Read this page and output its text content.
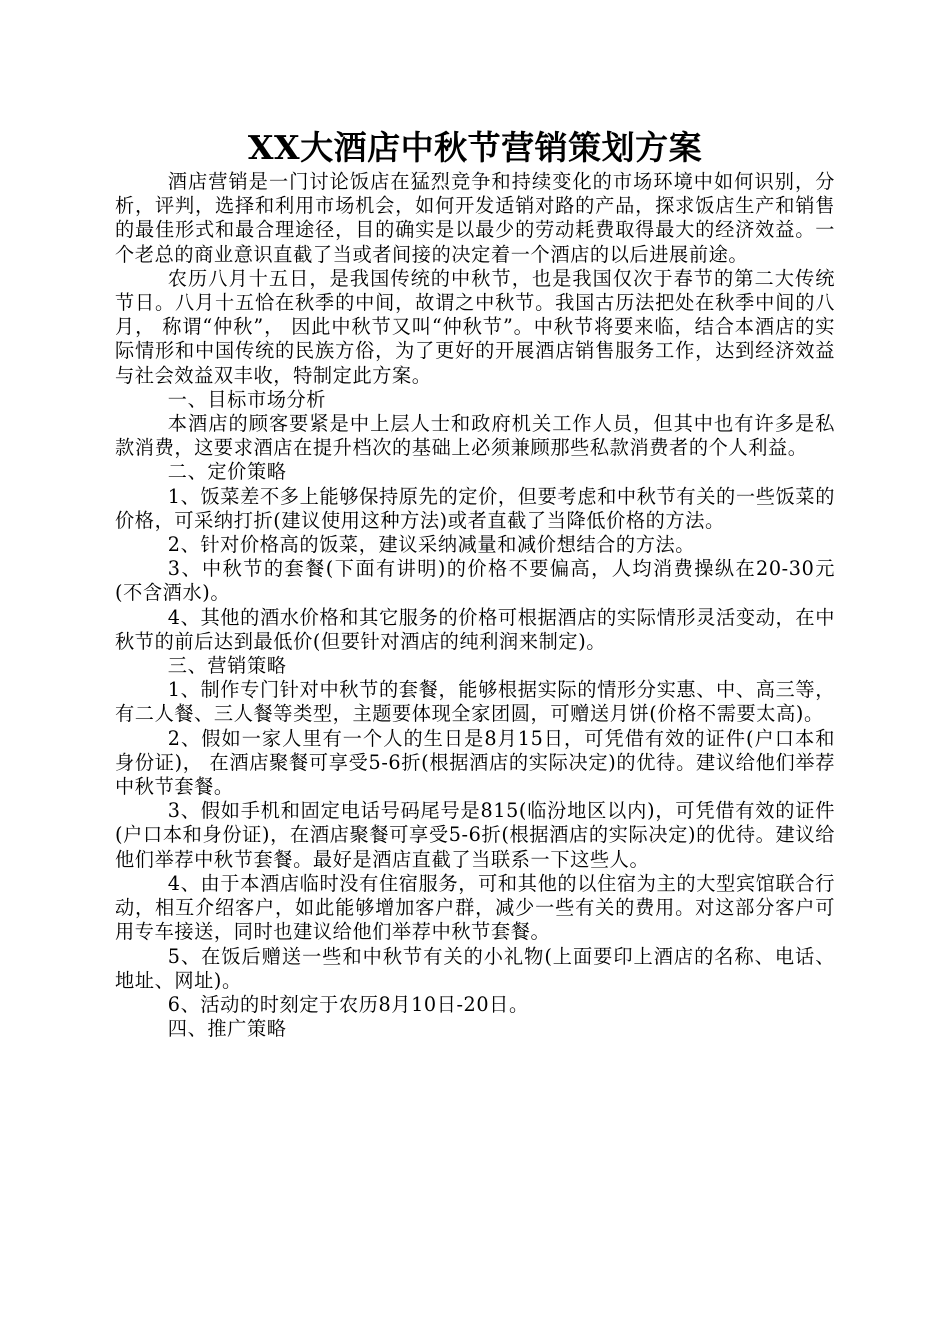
XX大酒店中秋节营销策划方案

酒店营销是一门讨论饭店在猛烈竞争和持续变化的市场环境中如何识别，分析，评判，选择和利用市场机会，如何开发适销对路的产品，探求饭店生产和销售的最佳形式和最合理途径，目的确实是以最少的劳动耗费取得最大的经济效益。一个老总的商业意识直截了当或者间接的决定着一个酒店的以后进展前途。

农历八月十五日，是我国传统的中秋节，也是我国仅次于春节的第二大传统节日。八月十五恰在秋季的中间，故谓之中秋节。我国古历法把处在秋季中间的八月， 称谓“仲秋”， 因此中秋节又叫“仲秋节”。中秋节将要来临，结合本酒店的实际情形和中国传统的民族方俗，为了更好的开展酒店销售服务工作，达到经济效益与社会效益双丰收，特制定此方案。

一、目标市场分析

本酒店的顾客要紧是中上层人士和政府机关工作人员，但其中也有许多是私款消费，这要求酒店在提升档次的基础上必须兼顾那些私款消费者的个人利益。

二、定价策略

1、饭菜差不多上能够保持原先的定价，但要考虑和中秋节有关的一些饭菜的价格，可采纳打折(建议使用这种方法)或者直截了当降低价格的方法。

2、针对价格高的饭菜，建议采纳减量和减价想结合的方法。

3、中秋节的套餐(下面有讲明)的价格不要偏高，人均消费操纵在20-30元(不含酒水)。

4、其他的酒水价格和其它服务的价格可根据酒店的实际情形灵活变动，在中秋节的前后达到最低价(但要针对酒店的纯利润来制定)。

三、营销策略

1、制作专门针对中秋节的套餐，能够根据实际的情形分实惠、中、高三等，有二人餐、三人餐等类型，主题要体现全家团圆，可赠送月饼(价格不需要太高)。

2、假如一家人里有一个人的生日是8月15日，可凭借有效的证件(户口本和身份证)， 在酒店聚餐可享受5-6折(根据酒店的实际决定)的优待。建议给他们举荐中秋节套餐。

3、假如手机和固定电话号码尾号是815(临汾地区以内)，可凭借有效的证件(户口本和身份证)，在酒店聚餐可享受5-6折(根据酒店的实际决定)的优待。建议给他们举荐中秋节套餐。最好是酒店直截了当联系一下这些人。

4、由于本酒店临时没有住宿服务，可和其他的以住宿为主的大型宾馆联合行动，相互介绍客户，如此能够增加客户群，减少一些有关的费用。对这部分客户可用专车接送，同时也建议给他们举荐中秋节套餐。

5、在饭后赠送一些和中秋节有关的小礼物(上面要印上酒店的名称、电话、地址、网址)。

6、活动的时刻定于农历8月10日-20日。

四、推广策略
